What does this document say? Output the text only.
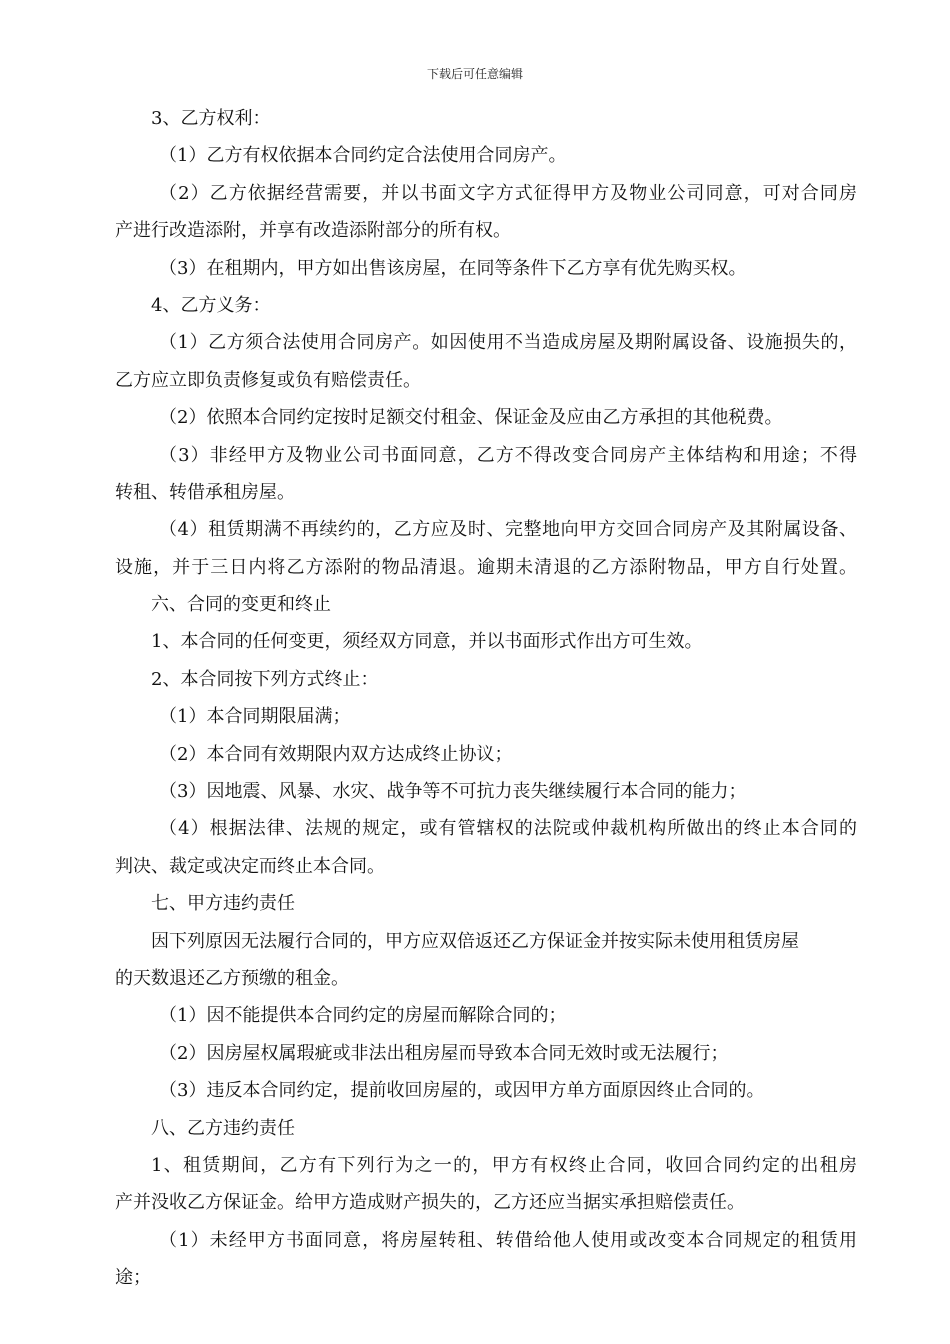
下载后可任意编辑
3、乙方权利：
（1）乙方有权依据本合同约定合法使用合同房产。
（2）乙方依据经营需要，并以书面文字方式征得甲方及物业公司同意，可对合同房
产进行改造添附，并享有改造添附部分的所有权。
（3）在租期内，甲方如出售该房屋，在同等条件下乙方享有优先购买权。
4、乙方义务：
（1）乙方须合法使用合同房产。如因使用不当造成房屋及期附属设备、设施损失的，
乙方应立即负责修复或负有赔偿责任。
（2）依照本合同约定按时足额交付租金、保证金及应由乙方承担的其他税费。
（3）非经甲方及物业公司书面同意，乙方不得改变合同房产主体结构和用途；不得
转租、转借承租房屋。
（4）租赁期满不再续约的，乙方应及时、完整地向甲方交回合同房产及其附属设备、
设施，并于三日内将乙方添附的物品清退。逾期未清退的乙方添附物品，甲方自行处置。
六、合同的变更和终止
1、本合同的任何变更，须经双方同意，并以书面形式作出方可生效。
2、本合同按下列方式终止：
（1）本合同期限届满；
（2）本合同有效期限内双方达成终止协议；
（3）因地震、风暴、水灾、战争等不可抗力丧失继续履行本合同的能力；
（4）根据法律、法规的规定，或有管辖权的法院或仲裁机构所做出的终止本合同的
判决、裁定或决定而终止本合同。
七、甲方违约责任
因下列原因无法履行合同的，甲方应双倍返还乙方保证金并按实际未使用租赁房屋
的天数退还乙方预缴的租金。
（1）因不能提供本合同约定的房屋而解除合同的；
（2）因房屋权属瑕疵或非法出租房屋而导致本合同无效时或无法履行；
（3）违反本合同约定，提前收回房屋的，或因甲方单方面原因终止合同的。
八、乙方违约责任
1、租赁期间，乙方有下列行为之一的，甲方有权终止合同，收回合同约定的出租房
产并没收乙方保证金。给甲方造成财产损失的，乙方还应当据实承担赔偿责任。
（1）未经甲方书面同意，将房屋转租、转借给他人使用或改变本合同规定的租赁用
途；
